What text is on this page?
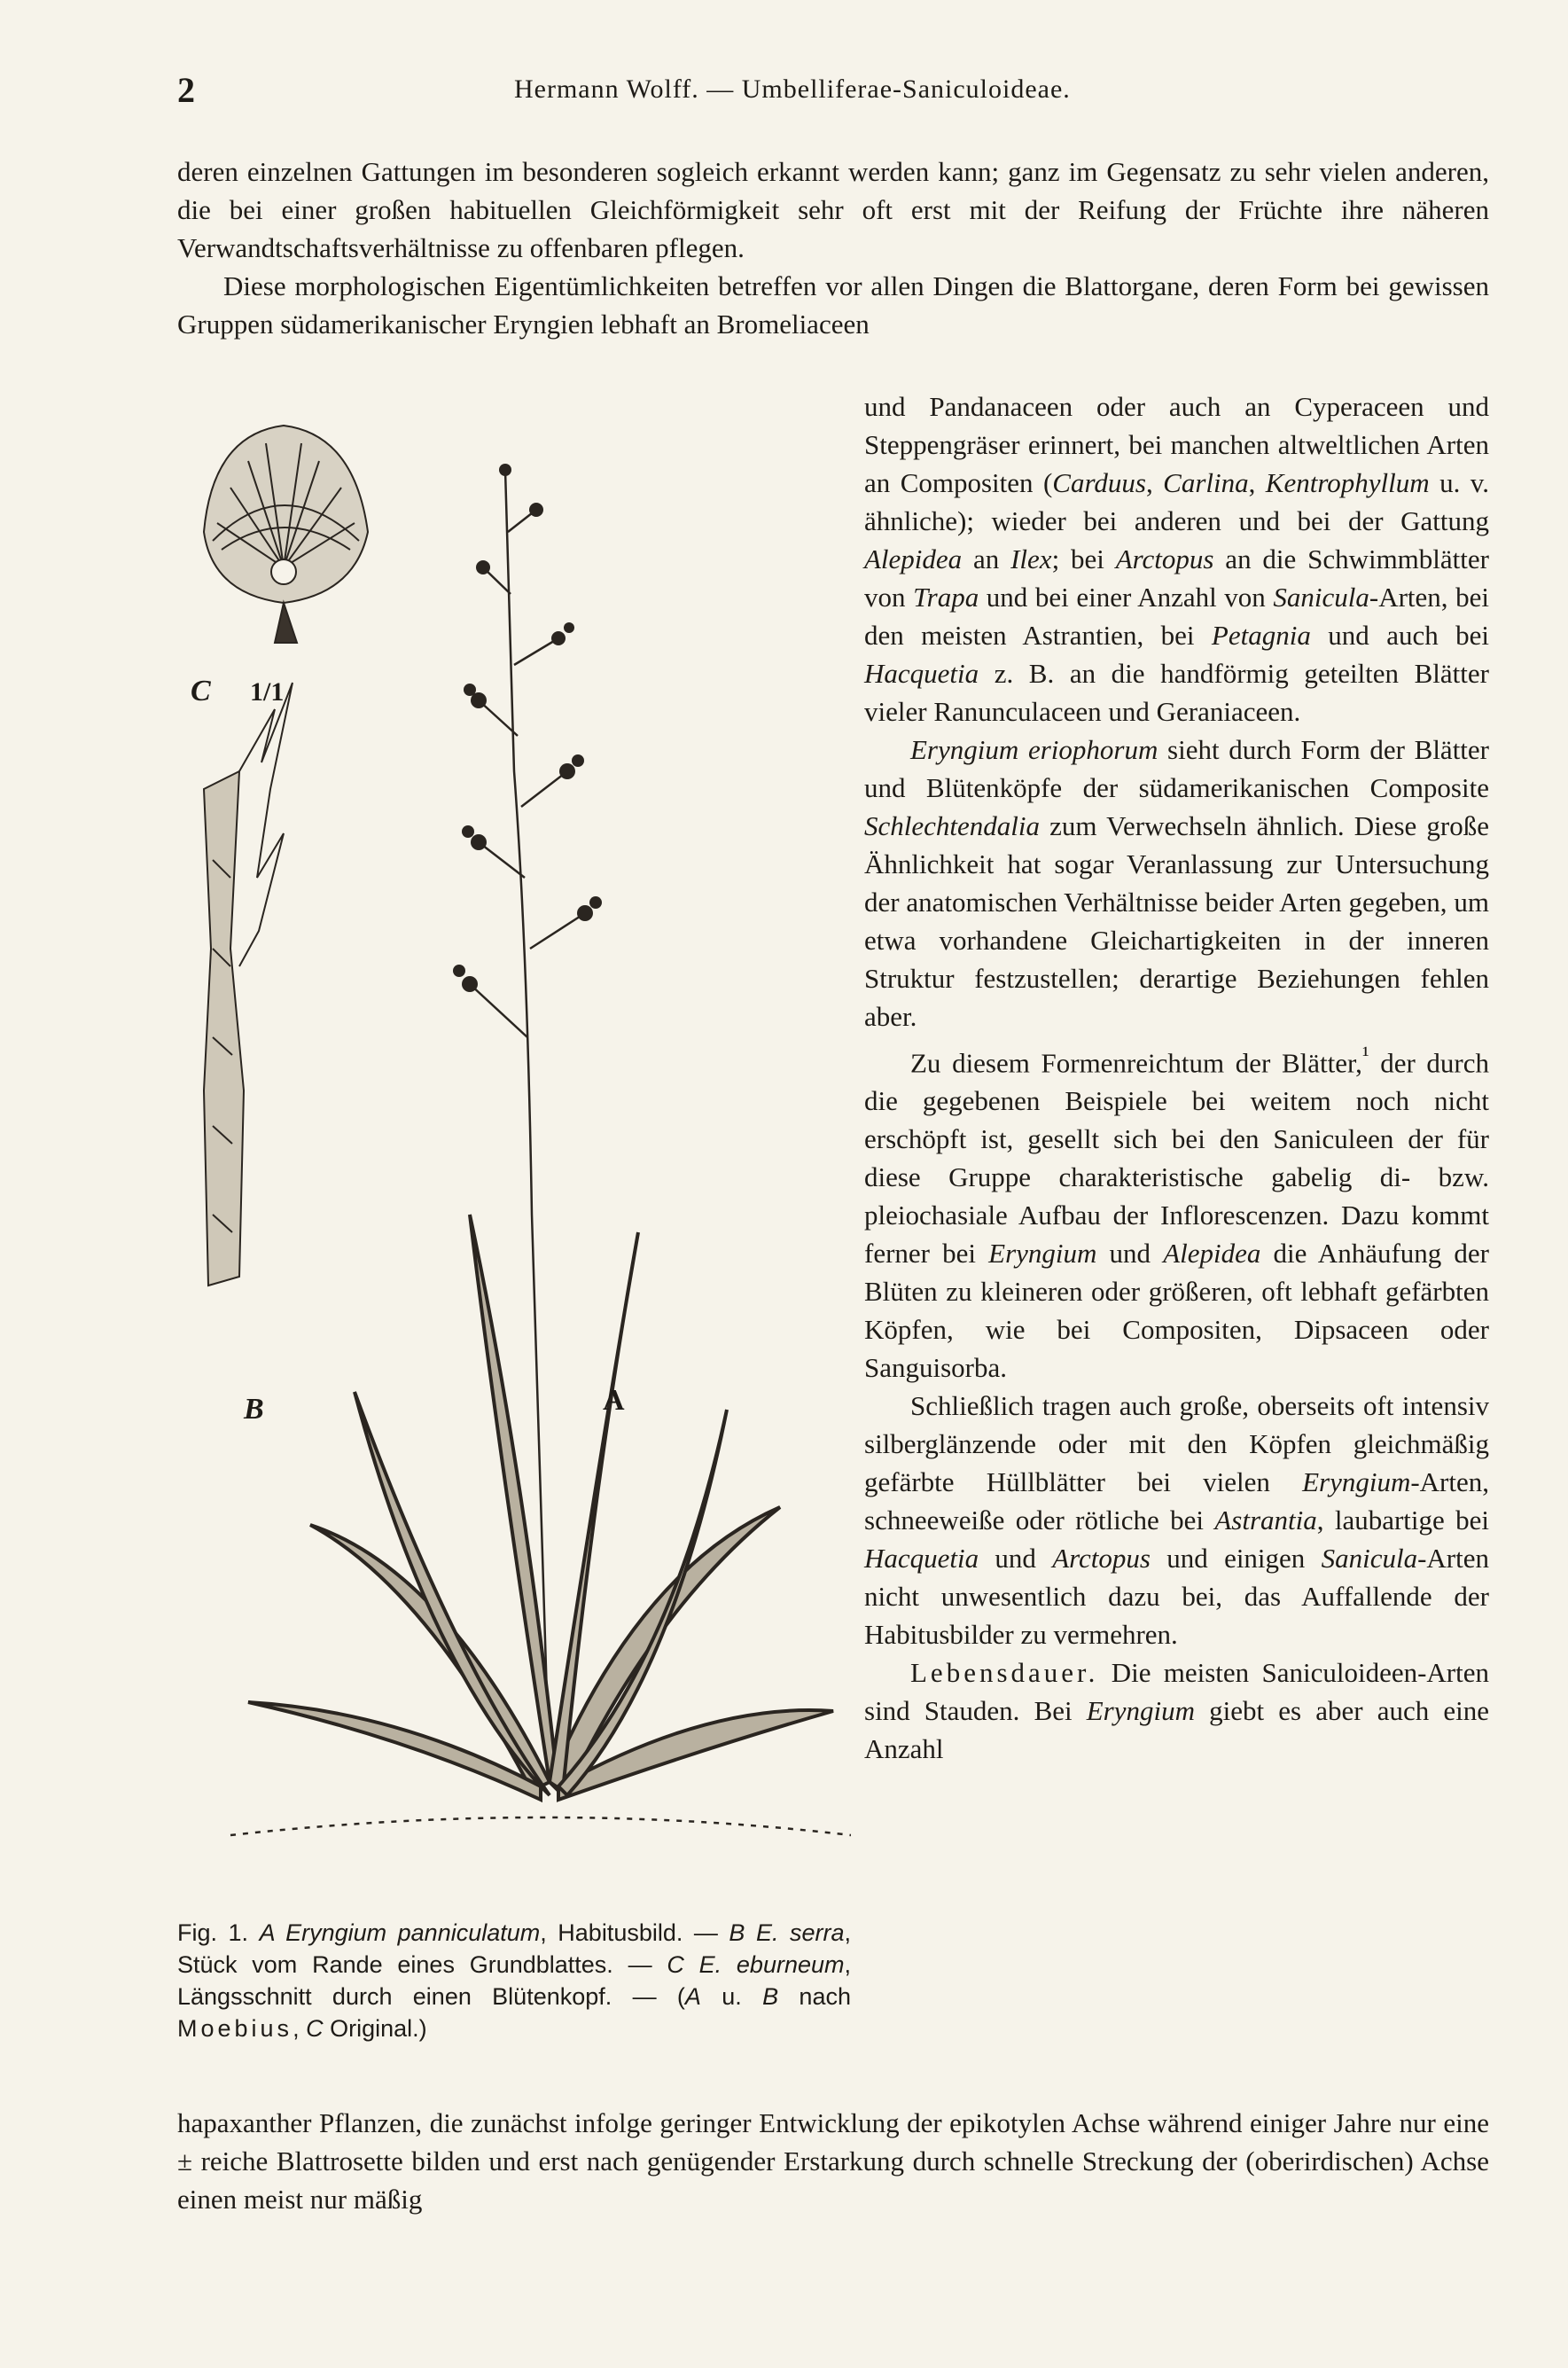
2	Hermann Wolff. — Umbelliferae-Saniculoideae.

deren einzelnen Gattungen im besonderen sogleich erkannt werden kann; ganz im Gegensatz zu sehr vielen anderen, die bei einer großen habituellen Gleichförmigkeit sehr oft erst mit der Reifung der Früchte ihre näheren Verwandtschaftsverhältnisse zu offenbaren pflegen.

Diese morphologischen Eigentümlichkeiten betreffen vor allen Dingen die Blattorgane, deren Form bei gewissen Gruppen südamerikanischer Eryngien lebhaft an Bromeliaceen

C 1/1
B	A

Fig. 1. A Eryngium panniculatum, Habitusbild. — B E. serra, Stück vom Rande eines Grundblattes. — C E. eburneum, Längsschnitt durch einen Blütenkopf. — (A u. B nach Moebius, C Original.)

und Pandanaceen oder auch an Cyperaceen und Steppengräser erinnert, bei manchen altweltlichen Arten an Compositen (Carduus, Carlina, Kentrophyllum u. v. ähnliche); wieder bei anderen und bei der Gattung Alepidea an Ilex; bei Arctopus an die Schwimmblätter von Trapa und bei einer Anzahl von Sanicula-Arten, bei den meisten Astrantien, bei Petagnia und auch bei Hacquetia z. B. an die handförmig geteilten Blätter vieler Ranunculaceen und Geraniaceen.

Eryngium eriophorum sieht durch Form der Blätter und Blütenköpfe der südamerikanischen Composite Schlechtendalia zum Verwechseln ähnlich. Diese große Ähnlichkeit hat sogar Veranlassung zur Untersuchung der anatomischen Verhältnisse beider Arten gegeben, um etwa vorhandene Gleichartigkeiten in der inneren Struktur festzustellen; derartige Beziehungen fehlen aber.

Zu diesem Formenreichtum der Blätter,$^{^1}$ der durch die gegebenen Beispiele bei weitem noch nicht erschöpft ist, gesellt sich bei den Saniculeen der für diese Gruppe charakteristische gabelig di- bzw. pleiochasiale Aufbau der Inflorescenzen. Dazu kommt ferner bei Eryngium und Alepidea die Anhäufung der Blüten zu kleineren oder größeren, oft lebhaft gefärbten Köpfen, wie bei Compositen, Dipsaceen oder Sanguisorba.

Schließlich tragen auch große, oberseits oft intensiv silberglänzende oder mit den Köpfen gleichmäßig gefärbte Hüllblätter bei vielen Eryngium-Arten, schneeweiße oder rötliche bei Astrantia, laubartige bei Hacquetia und Arctopus und einigen Sanicula-Arten nicht unwesentlich dazu bei, das Auffallende der Habitusbilder zu vermehren.

Lebensdauer. Die meisten Saniculoideen-Arten sind Stauden. Bei Eryngium giebt es aber auch eine Anzahl

hapaxanther Pflanzen, die zunächst infolge geringer Entwicklung der epikotylen Achse während einiger Jahre nur eine ± reiche Blattrosette bilden und erst nach genügender Erstarkung durch schnelle Streckung der (oberirdischen) Achse einen meist nur mäßig
